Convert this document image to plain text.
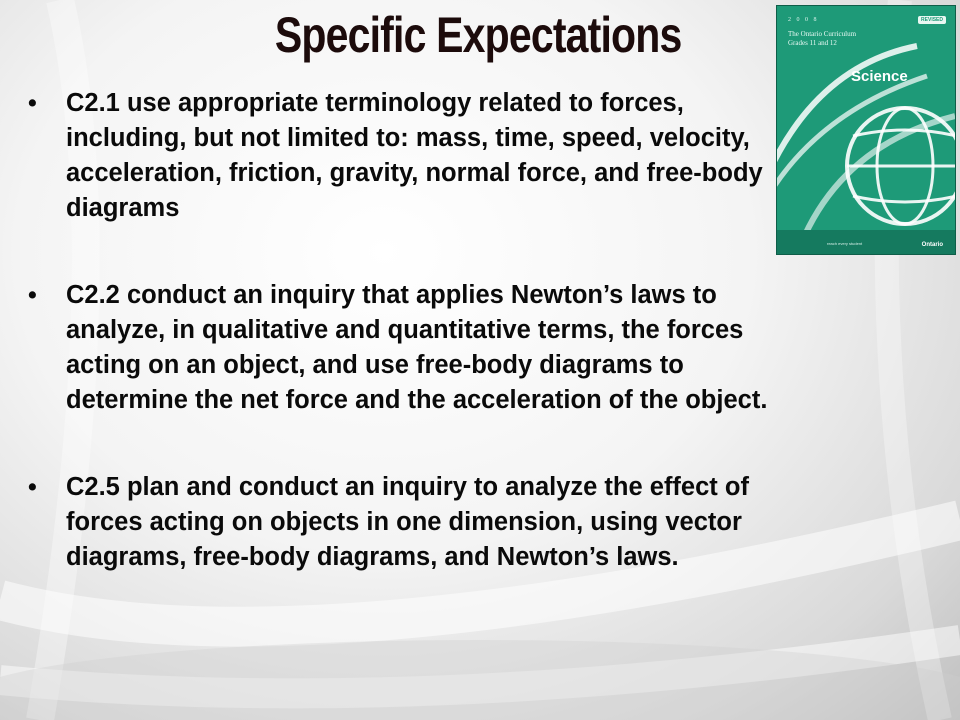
Specific Expectations
• C2.1 use appropriate terminology related to forces, including, but not limited to: mass, time, speed, velocity, acceleration, friction, gravity, normal force, and free-body diagrams
• C2.2 conduct an inquiry that applies Newton’s laws to analyze, in qualitative and quantitative terms, the forces acting on an object, and use free-body diagrams to determine the net force and the acceleration of the object.
• C2.5 plan and conduct an inquiry to analyze the effect of forces acting on objects in one dimension, using vector diagrams, free-body diagrams, and Newton’s laws.
2 0 0 8	REVISED
The Ontario Curriculum
Grades 11 and 12
Science
reach every student	Ontario
